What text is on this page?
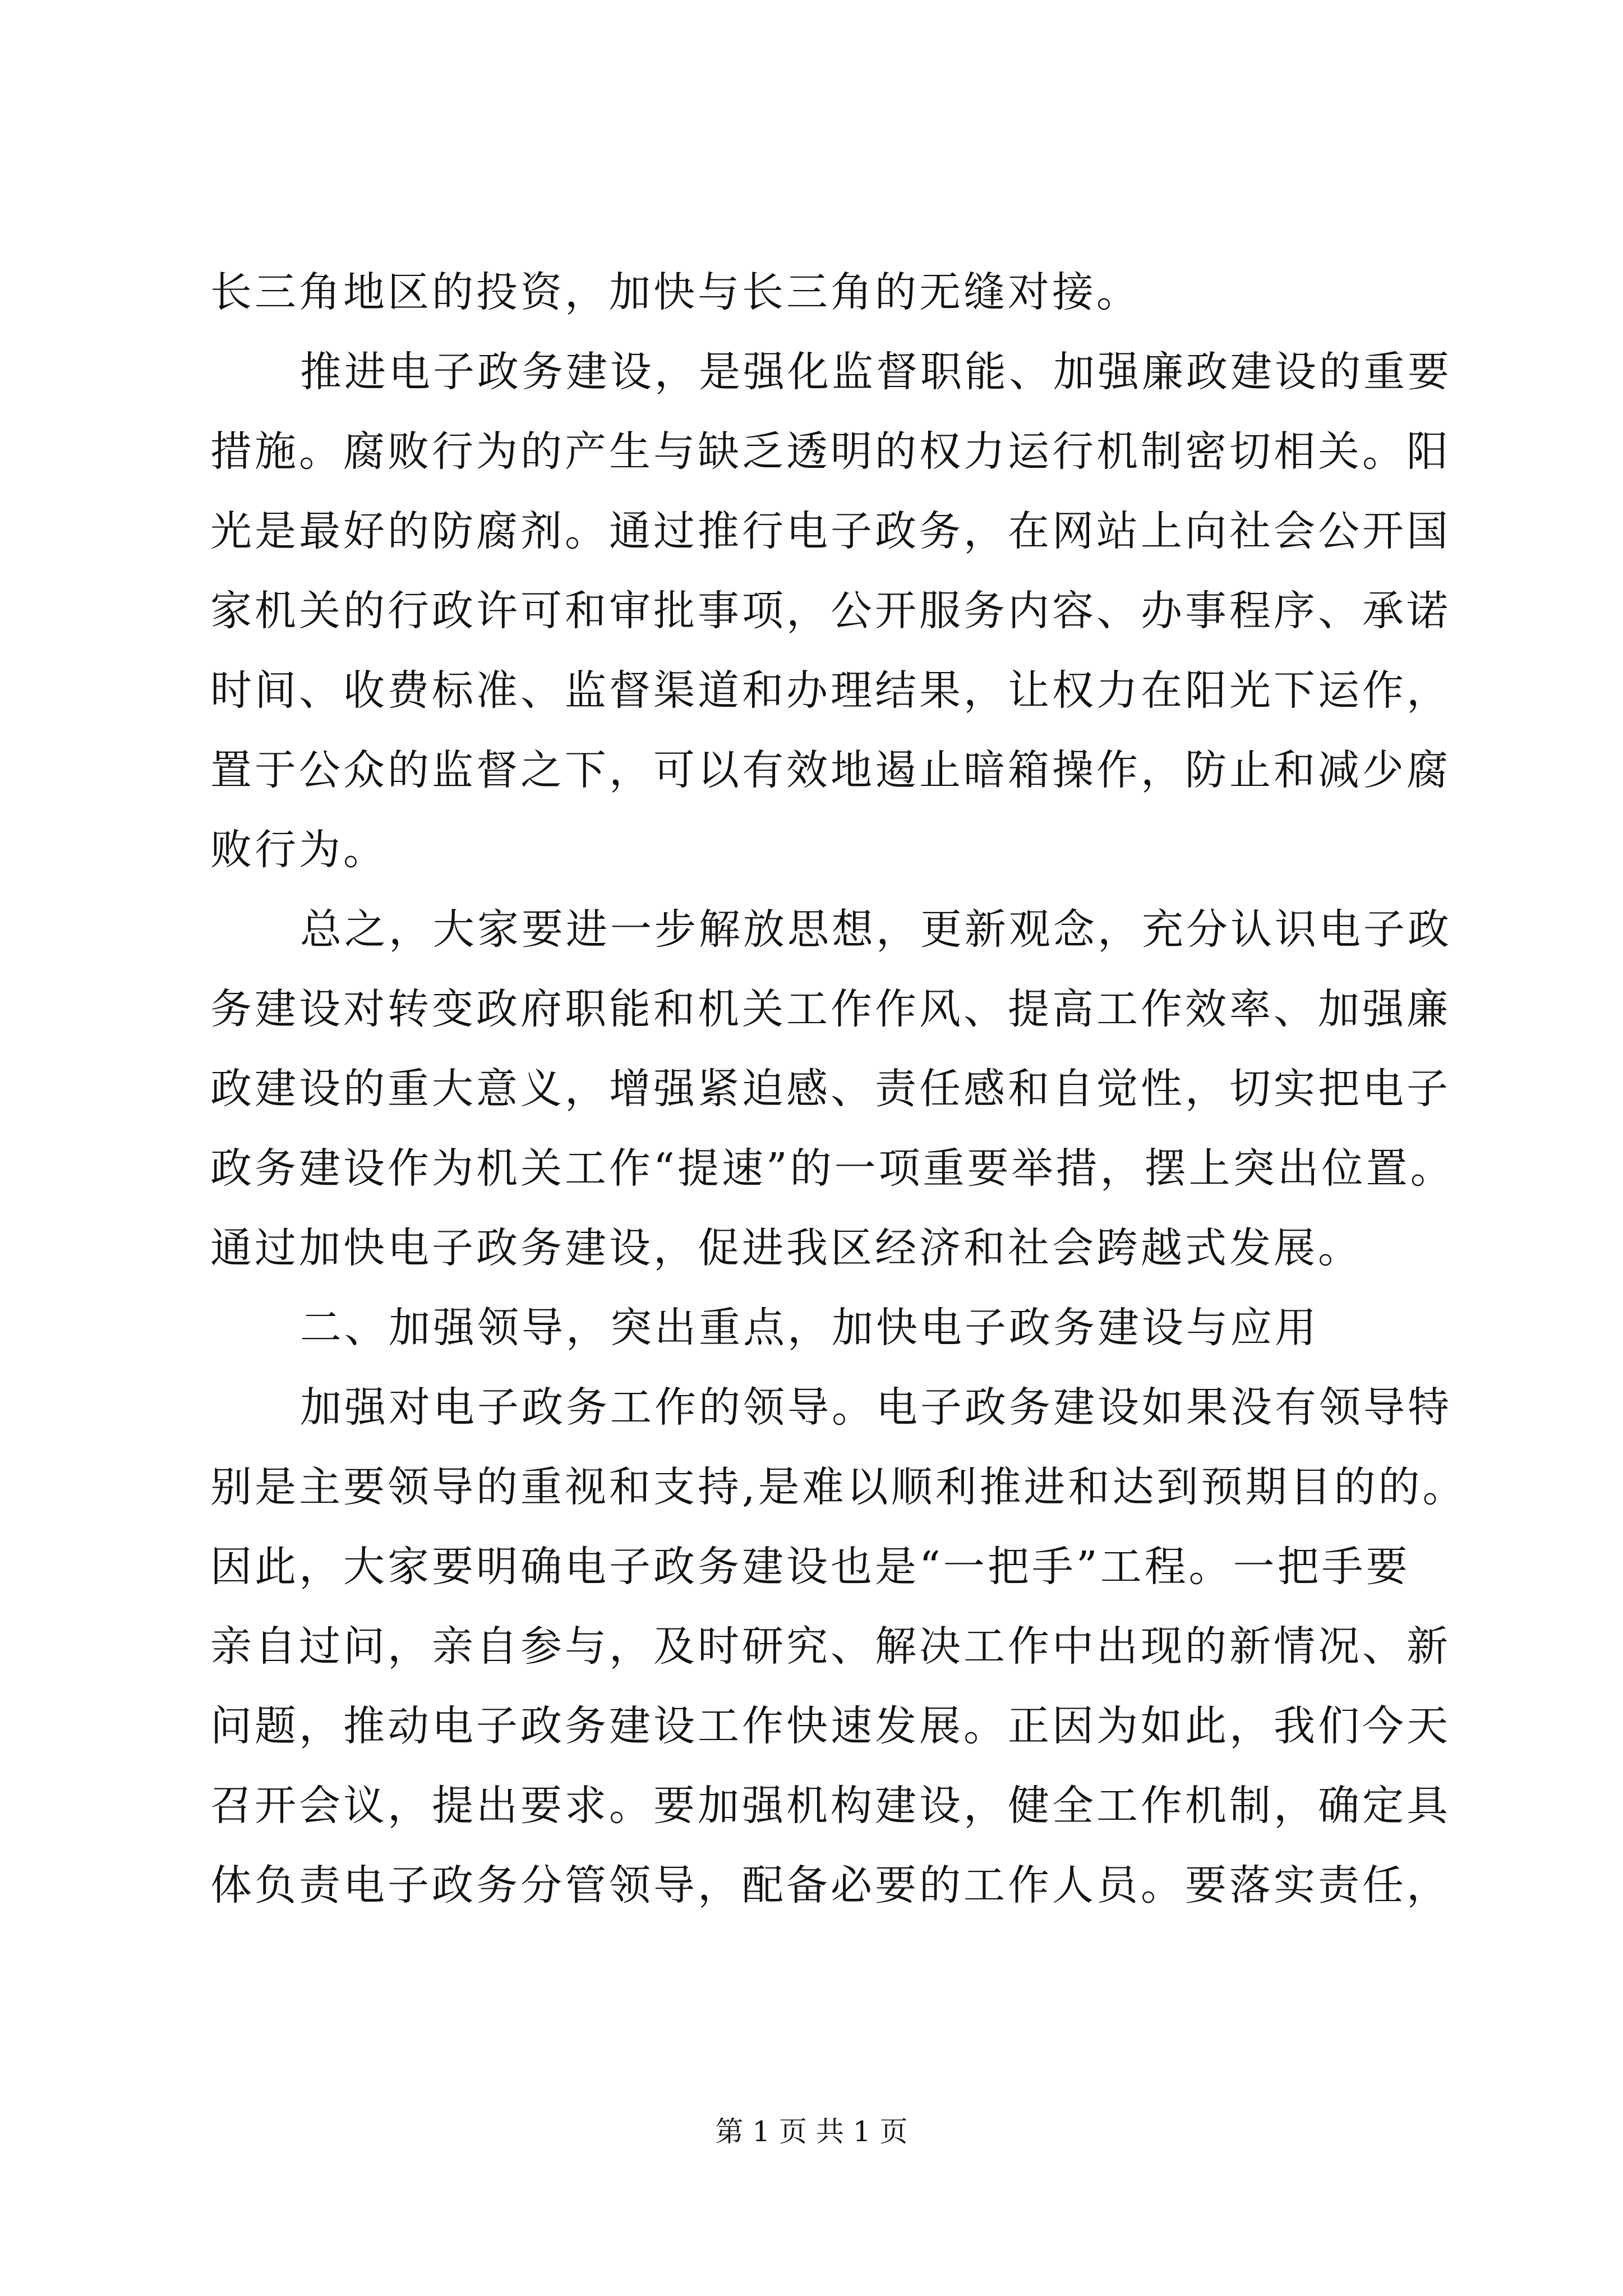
长三角地区的投资，加快与长三角的无缝对接。
推进电子政务建设，是强化监督职能、加强廉政建设的重要
措施。腐败行为的产生与缺乏透明的权力运行机制密切相关。阳
光是最好的防腐剂。通过推行电子政务，在网站上向社会公开国
家机关的行政许可和审批事项，公开服务内容、办事程序、承诺
时间、收费标准、监督渠道和办理结果，让权力在阳光下运作，
置于公众的监督之下，可以有效地遏止暗箱操作，防止和减少腐
败行为。
总之，大家要进一步解放思想，更新观念，充分认识电子政
务建设对转变政府职能和机关工作作风、提高工作效率、加强廉
政建设的重大意义，增强紧迫感、责任感和自觉性，切实把电子
政务建设作为机关工作“提速”的一项重要举措，摆上突出位置。
通过加快电子政务建设，促进我区经济和社会跨越式发展。
二、加强领导，突出重点，加快电子政务建设与应用
加强对电子政务工作的领导。电子政务建设如果没有领导特
别是主要领导的重视和支持,是难以顺利推进和达到预期目的的。
因此，大家要明确电子政务建设也是“一把手”工程。一把手要
亲自过问，亲自参与，及时研究、解决工作中出现的新情况、新
问题，推动电子政务建设工作快速发展。正因为如此，我们今天
召开会议，提出要求。要加强机构建设，健全工作机制，确定具
体负责电子政务分管领导，配备必要的工作人员。要落实责任，
第 1 页 共 1 页
